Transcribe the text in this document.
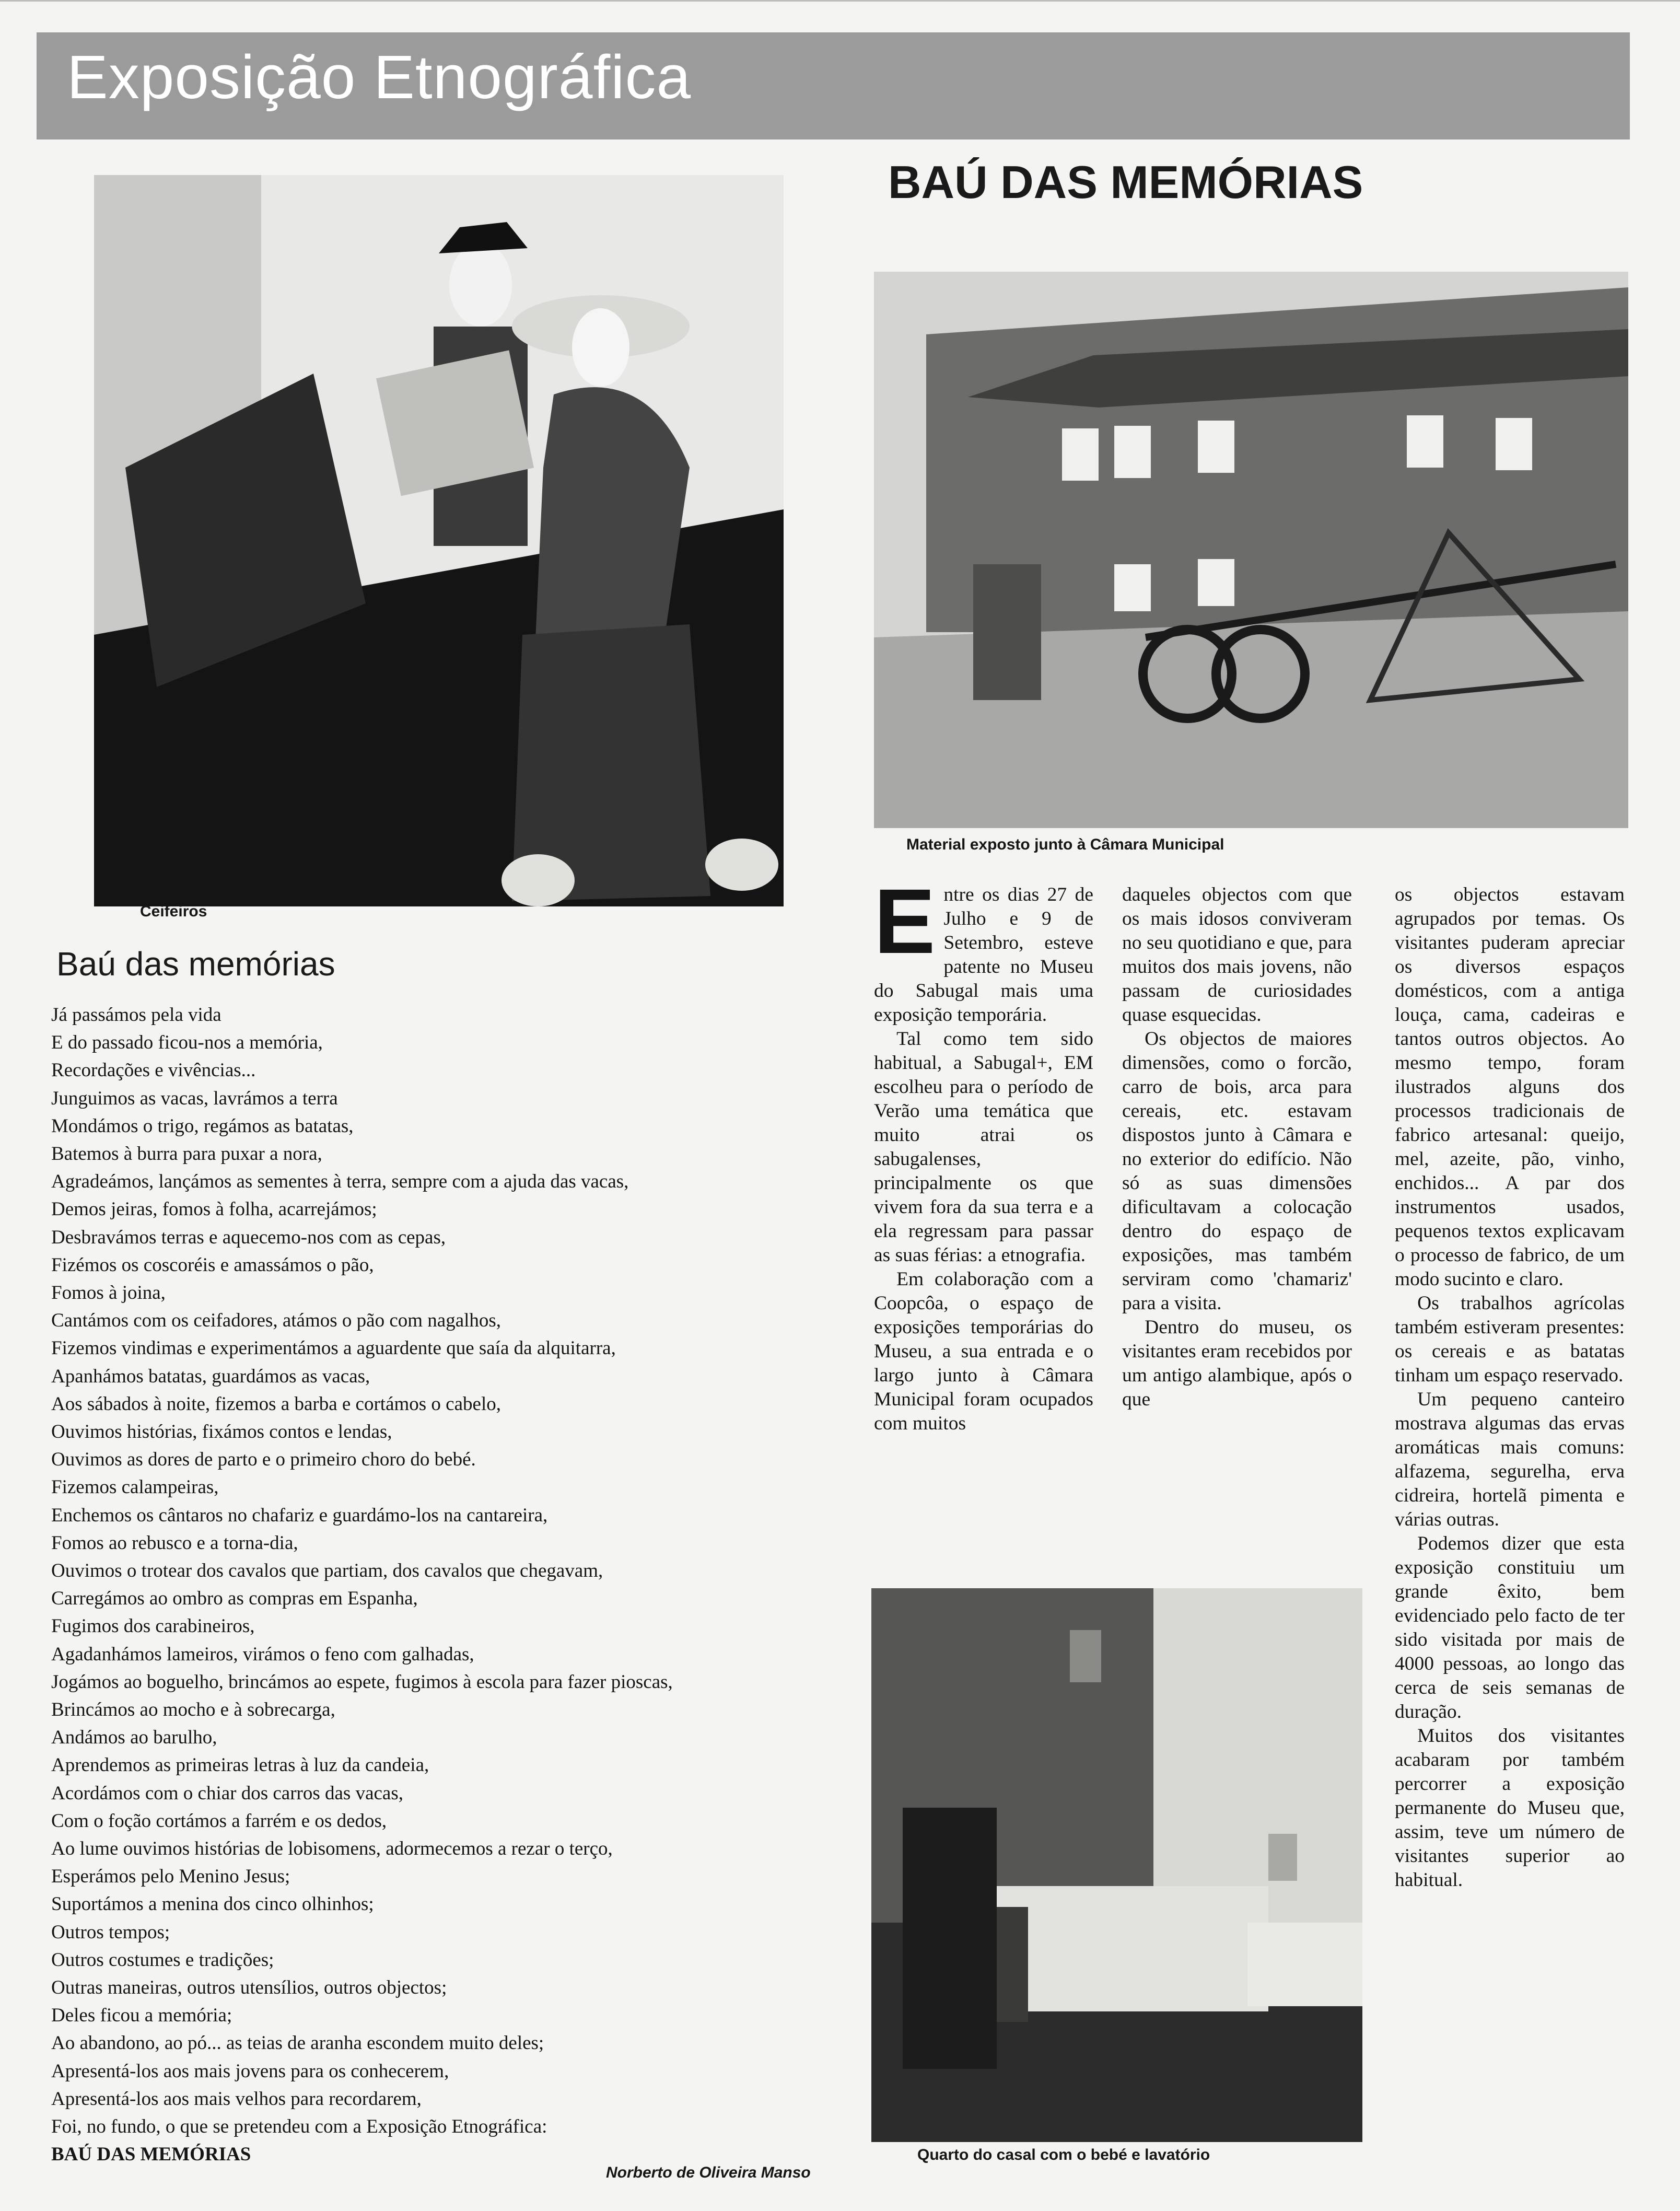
Exposição Etnográfica
Ceifeiros
BAÚ DAS MEMÓRIAS
Material exposto junto à Câmara Municipal
Baú das memórias
Já passámos pela vida
E do passado ficou-nos a memória,
Recordações e vivências...
Junguimos as vacas, lavrámos a terra
Mondámos o trigo, regámos as batatas,
Batemos à burra para puxar a nora,
Agradeámos, lançámos as sementes à terra, sempre com a ajuda das vacas,
Demos jeiras, fomos à folha, acarrejámos;
Desbravámos terras e aquecemo-nos com as cepas,
Fizémos os coscoréis e amassámos o pão,
Fomos à joina,
Cantámos com os ceifadores, atámos o pão com nagalhos,
Fizemos vindimas e experimentámos a aguardente que saía da alquitarra,
Apanhámos batatas, guardámos as vacas,
Aos sábados à noite, fizemos a barba e cortámos o cabelo,
Ouvimos histórias, fixámos contos e lendas,
Ouvimos as dores de parto e o primeiro choro do bebé.
Fizemos calampeiras,
Enchemos os cântaros no chafariz e guardámo-los na cantareira,
Fomos ao rebusco e a torna-dia,
Ouvimos o trotear dos cavalos que partiam, dos cavalos que chegavam,
Carregámos ao ombro as compras em Espanha,
Fugimos dos carabineiros,
Agadanhámos lameiros, virámos o feno com galhadas,
Jogámos ao boguelho, brincámos ao espete, fugimos à escola para fazer pioscas,
Brincámos ao mocho e à sobrecarga,
Andámos ao barulho,
Aprendemos as primeiras letras à luz da candeia,
Acordámos com o chiar dos carros das vacas,
Com o foção cortámos a farrém e os dedos,
Ao lume ouvimos histórias de lobisomens, adormecemos a rezar o terço,
Esperámos pelo Menino Jesus;
Suportámos a menina dos cinco olhinhos;
Outros tempos;
Outros costumes e tradições;
Outras maneiras, outros utensílios, outros objectos;
Deles ficou a memória;
Ao abandono, ao pó... as teias de aranha escondem muito deles;
Apresentá-los aos mais jovens para os conhecerem,
Apresentá-los aos mais velhos para recordarem,
Foi, no fundo, o que se pretendeu com a Exposição Etnográfica:
BAÚ DAS MEMÓRIAS
Norberto de Oliveira Manso
E ntre os dias 27 de Julho e 9 de Setembro, esteve patente no Museu do Sabugal mais uma exposição temporária.

Tal como tem sido habitual, a Sabugal+, EM escolheu para o período de Verão uma temática que muito atrai os sabugalenses, principalmente os que vivem fora da sua terra e a ela regressam para passar as suas férias: a etnografia.

Em colaboração com a Coopcôa, o espaço de exposições temporárias do Museu, a sua entrada e o largo junto à Câmara Municipal foram ocupados com muitos

daqueles objectos com que os mais idosos conviveram no seu quotidiano e que, para muitos dos mais jovens, não passam de curiosidades quase esquecidas.

Os objectos de maiores dimensões, como o forcão, carro de bois, arca para cereais, etc. estavam dispostos junto à Câmara e no exterior do edifício. Não só as suas dimensões dificultavam a colocação dentro do espaço de exposições, mas também serviram como 'chamariz' para a visita.

Dentro do museu, os visitantes eram recebidos por um antigo alambique, após o que

os objectos estavam agrupados por temas. Os visitantes puderam apreciar os diversos espaços domésticos, com a antiga louça, cama, cadeiras e tantos outros objectos. Ao mesmo tempo, foram ilustrados alguns dos processos tradicionais de fabrico artesanal: queijo, mel, azeite, pão, vinho, enchidos... A par dos instrumentos usados, pequenos textos explicavam o processo de fabrico, de um modo sucinto e claro.

Os trabalhos agrícolas também estiveram presentes: os cereais e as batatas tinham um espaço reservado.

Um pequeno canteiro mostrava algumas das ervas aromáticas mais comuns: alfazema, segurelha, erva cidreira, hortelã pimenta e várias outras.

Podemos dizer que esta exposição constituiu um grande êxito, bem evidenciado pelo facto de ter sido visitada por mais de 4000 pessoas, ao longo das cerca de seis semanas de duração.

Muitos dos visitantes acabaram por também percorrer a exposição permanente do Museu que, assim, teve um número de visitantes superior ao habitual.

Quarto do casal com o bebé e lavatório
